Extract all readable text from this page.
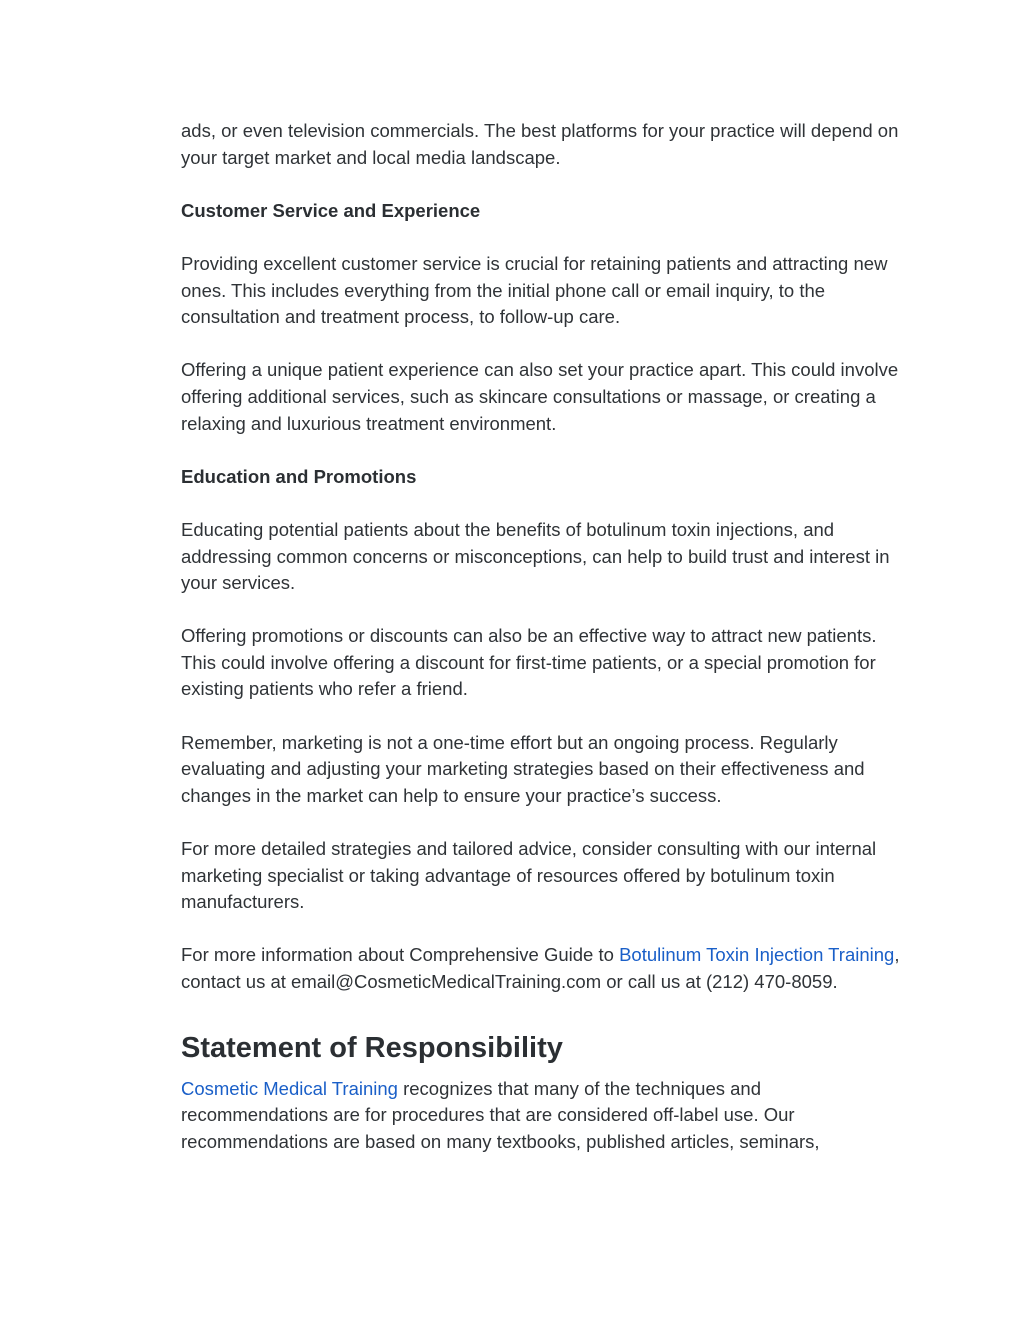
ads, or even television commercials. The best platforms for your practice will depend on your target market and local media landscape.

Customer Service and Experience

Providing excellent customer service is crucial for retaining patients and attracting new ones. This includes everything from the initial phone call or email inquiry, to the consultation and treatment process, to follow-up care.

Offering a unique patient experience can also set your practice apart. This could involve offering additional services, such as skincare consultations or massage, or creating a relaxing and luxurious treatment environment.

Education and Promotions

Educating potential patients about the benefits of botulinum toxin injections, and addressing common concerns or misconceptions, can help to build trust and interest in your services.

Offering promotions or discounts can also be an effective way to attract new patients. This could involve offering a discount for first-time patients, or a special promotion for existing patients who refer a friend.

Remember, marketing is not a one-time effort but an ongoing process. Regularly evaluating and adjusting your marketing strategies based on their effectiveness and changes in the market can help to ensure your practice’s success.

For more detailed strategies and tailored advice, consider consulting with our internal marketing specialist or taking advantage of resources offered by botulinum toxin manufacturers.

For more information about Comprehensive Guide to Botulinum Toxin Injection Training, contact us at email@CosmeticMedicalTraining.com or call us at (212) 470-8059.

Statement of Responsibility

Cosmetic Medical Training recognizes that many of the techniques and recommendations are for procedures that are considered off-label use. Our recommendations are based on many textbooks, published articles, seminars,
